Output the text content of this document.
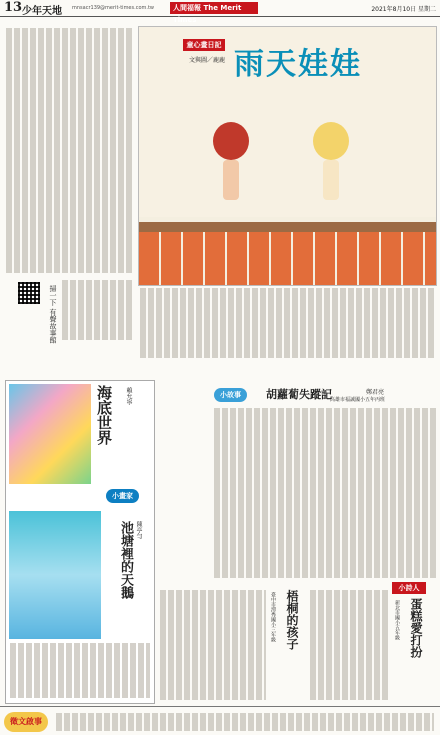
13 少年天地 mnsacr139@merit-times.com.tw	人間福報 The Merit Times
2021年8月10日 星期二
掃一下 有聲故事館
雨天娃娃
童心畫日記
文與圖／鹿鹿
海底世界	賴允寧
小畫家
池塘裡的天鵝 陳亭勻
小故事	胡蘿蔔失蹤記	鄭君亮
高雄市福誠國小五年丙班
小詩人
蛋糕愛打扮
新北市國小五年級
梧桐的孩子
臺中市潭秀國小三年級
徵文啟事
